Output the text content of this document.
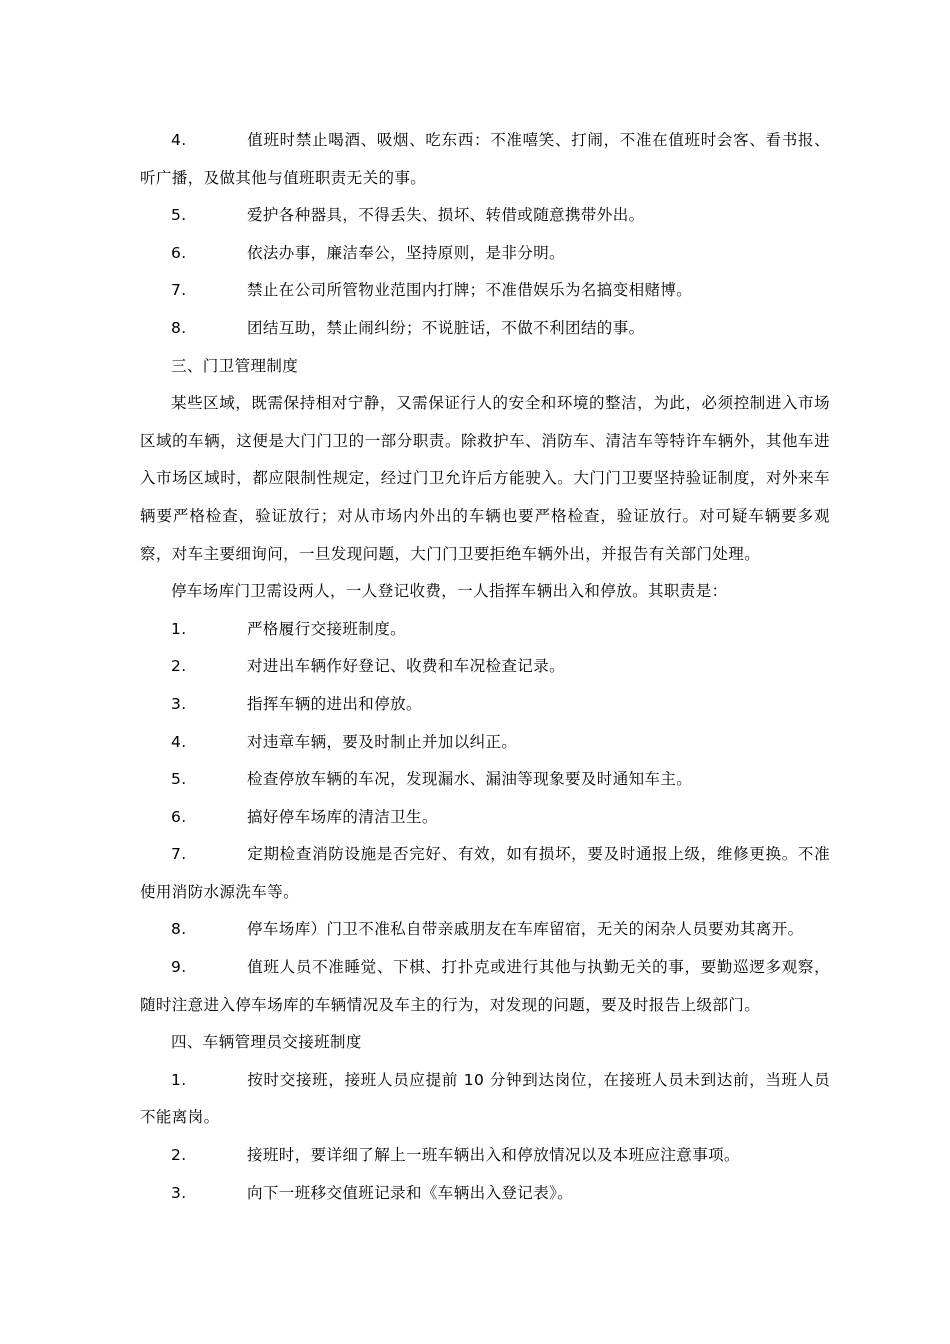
4.	值班时禁止喝酒、吸烟、吃东西：不准嘻笑、打闹，不准在值班时会客、看书报、听广播，及做其他与值班职责无关的事。

5.	爱护各种器具，不得丢失、损坏、转借或随意携带外出。

6.	依法办事，廉洁奉公，坚持原则，是非分明。

7.	禁止在公司所管物业范围内打牌；不准借娱乐为名搞变相赌博。

8.	团结互助，禁止闹纠纷；不说脏话，不做不利团结的事。

三、门卫管理制度

某些区域，既需保持相对宁静，又需保证行人的安全和环境的整洁，为此，必须控制进入市场区域的车辆，这便是大门门卫的一部分职责。除救护车、消防车、清洁车等特许车辆外，其他车进入市场区域时，都应限制性规定，经过门卫允许后方能驶入。大门门卫要坚持验证制度，对外来车辆要严格检查，验证放行；对从市场内外出的车辆也要严格检查，验证放行。对可疑车辆要多观察，对车主要细询问，一旦发现问题，大门门卫要拒绝车辆外出，并报告有关部门处理。

停车场库门卫需设两人，一人登记收费，一人指挥车辆出入和停放。其职责是：

1.	严格履行交接班制度。

2.	对进出车辆作好登记、收费和车况检查记录。

3.	指挥车辆的进出和停放。

4.	对违章车辆，要及时制止并加以纠正。

5.	检查停放车辆的车况，发现漏水、漏油等现象要及时通知车主。

6.	搞好停车场库的清洁卫生。

7.	定期检查消防设施是否完好、有效，如有损坏，要及时通报上级，维修更换。不准使用消防水源洗车等。

8.	停车场库）门卫不准私自带亲戚朋友在车库留宿，无关的闲杂人员要劝其离开。

9.	值班人员不准睡觉、下棋、打扑克或进行其他与执勤无关的事，要勤巡逻多观察，随时注意进入停车场库的车辆情况及车主的行为，对发现的问题，要及时报告上级部门。

四、车辆管理员交接班制度

1.	按时交接班，接班人员应提前 10 分钟到达岗位，在接班人员未到达前，当班人员不能离岗。

2.	接班时，要详细了解上一班车辆出入和停放情况以及本班应注意事项。

3.	向下一班移交值班记录和《车辆出入登记表》。
